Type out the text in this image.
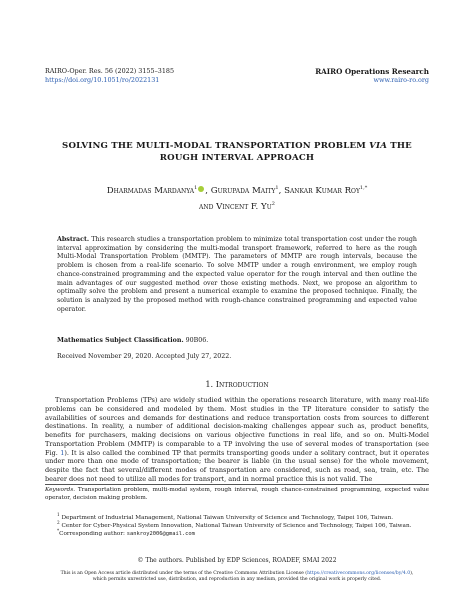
RAIRO-Oper. Res. 56 (2022) 3155–3185
https://doi.org/10.1051/ro/2022131
RAIRO Operations Research
www.rairo-ro.org
SOLVING THE MULTI-MODAL TRANSPORTATION PROBLEM VIA THE
ROUGH INTERVAL APPROACH
Dharmadas Mardanya$^1$ , Gurupada Maity$^1$, Sankar Kumar Roy$^{1,*}$
and Vincent F. Yu$^2$
Abstract. This research studies a transportation problem to minimize total transportation cost under the rough interval approximation by considering the multi-modal transport framework, referred to here as the rough Multi-Modal Transportation Problem (MMTP). The parameters of MMTP are rough intervals, because the problem is chosen from a real-life scenario. To solve MMTP under a rough environment, we employ rough chance-constrained programming and the expected value operator for the rough interval and then outline the main advantages of our suggested method over those existing methods. Next, we propose an algorithm to optimally solve the problem and present a numerical example to examine the proposed technique. Finally, the solution is analyzed by the proposed method with rough-chance constrained programming and expected value operator.
Mathematics Subject Classification. 90B06.
Received November 29, 2020. Accepted July 27, 2022.
1. Introduction
Transportation Problems (TPs) are widely studied within the operations research literature, with many real-life problems can be considered and modeled by them. Most studies in the TP literature consider to satisfy the availabilities of sources and demands for destinations and reduce transportation costs from sources to different destinations. In reality, a number of additional decision-making challenges appear such as, product benefits, benefits for purchasers, making decisions on various objective functions in real life, and so on. Multi-Model Transportation Problem (MMTP) is comparable to a TP involving the use of several modes of transportation (see Fig. 1). It is also called the combined TP that permits transporting goods under a solitary contract, but it operates under more than one mode of transportation; the bearer is liable (in the usual sense) for the whole movement, despite the fact that several/different modes of transportation are considered, such as road, sea, train, etc. The bearer does not need to utilize all modes for transport, and in normal practice this is not valid. The
Keywords. Transportation problem, multi-modal system, rough interval, rough chance-constrained programming, expected value operator, decision making problem.
$^1$ Department of Industrial Management, National Taiwan University of Science and Technology, Taipei 106, Taiwan.
$^2$ Center for Cyber-Physical System Innovation, National Taiwan University of Science and Technology, Taipei 106, Taiwan.
*Corresponding author: sankroy2006@gmail.com
© The authors. Published by EDP Sciences, ROADEF, SMAI 2022
This is an Open Access article distributed under the terms of the Creative Commons Attribution License (https://creativecommons.org/licenses/by/4.0),
which permits unrestricted use, distribution, and reproduction in any medium, provided the original work is properly cited.
